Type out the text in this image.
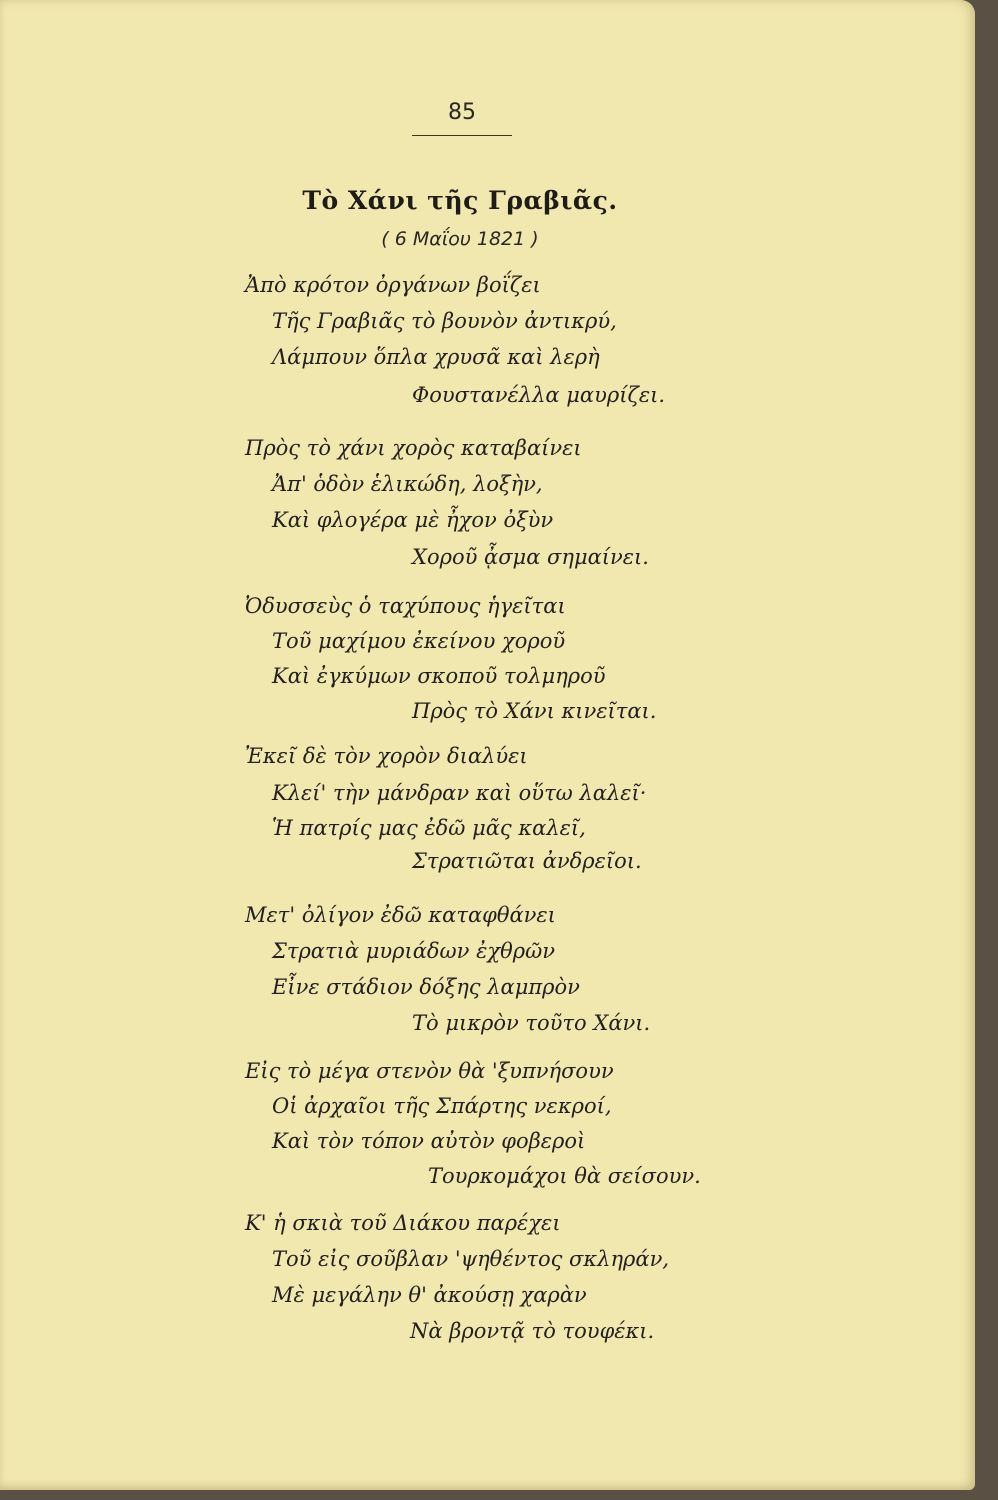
85
Τὸ Χάνι τῆς Γραβιᾶς.
( 6 Μαΐου 1821 )
Ἀπὸ κρότον ὀργάνων βοΐζει
Τῆς Γραβιᾶς τὸ βουνὸν ἀντικρύ,
Λάμπουν ὅπλα χρυσᾶ καὶ λερὴ
Φουστανέλλα μαυρίζει.
Πρὸς τὸ χάνι χορὸς καταβαίνει
Ἀπ' ὁδὸν ἑλικώδη, λοξὴν,
Καὶ φλογέρα μὲ ἦχον ὀξὺν
Χοροῦ ᾆσμα σημαίνει.
Ὀδυσσεὺς ὁ ταχύπους ἡγεῖται
Τοῦ μαχίμου ἐκείνου χοροῦ
Καὶ ἐγκύμων σκοποῦ τολμηροῦ
Πρὸς τὸ Χάνι κινεῖται.
Ἐκεῖ δὲ τὸν χορὸν διαλύει
Κλεί' τὴν μάνδραν καὶ οὕτω λαλεῖ·
Ἡ πατρίς μας ἐδῶ μᾶς καλεῖ,
Στρατιῶται ἀνδρεῖοι.
Μετ' ὀλίγον ἐδῶ καταφθάνει
Στρατιὰ μυριάδων ἐχθρῶν
Εἶνε στάδιον δόξης λαμπρὸν
Τὸ μικρὸν τοῦτο Χάνι.
Εἰς τὸ μέγα στενὸν θὰ 'ξυπνήσουν
Οἱ ἀρχαῖοι τῆς Σπάρτης νεκροί,
Καὶ τὸν τόπον αὐτὸν φοβεροὶ
Τουρκομάχοι θὰ σείσουν.
Κ' ἡ σκιὰ τοῦ Διάκου παρέχει
Τοῦ εἰς σοῦβλαν 'ψηθέντος σκληράν,
Μὲ μεγάλην θ' ἀκούσῃ χαρὰν
Νὰ βροντᾷ τὸ τουφέκι.
